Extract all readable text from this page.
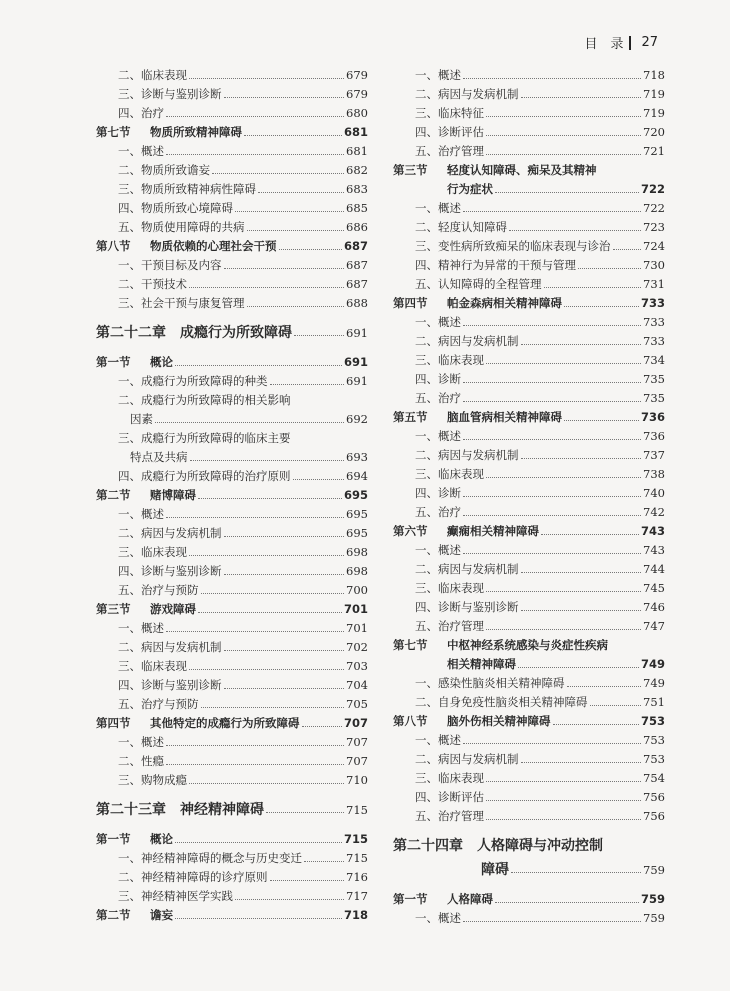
目　录 27
二、临床表现	679
三、诊断与鉴别诊断	679
四、治疗	680
第七节 物质所致精神障碍	681
一、概述	681
二、物质所致谵妄	682
三、物质所致精神病性障碍	683
四、物质所致心境障碍	685
五、物质使用障碍的共病	686
第八节 物质依赖的心理社会干预	687
一、干预目标及内容	687
二、干预技术	687
三、社会干预与康复管理	688
第二十二章 成瘾行为所致障碍	691
第一节 概论	691
一、成瘾行为所致障碍的种类	691
二、成瘾行为所致障碍的相关影响
因素	692
三、成瘾行为所致障碍的临床主要
特点及共病	693
四、成瘾行为所致障碍的治疗原则	694
第二节 赌博障碍	695
一、概述	695
二、病因与发病机制	695
三、临床表现	698
四、诊断与鉴别诊断	698
五、治疗与预防	700
第三节 游戏障碍	701
一、概述	701
二、病因与发病机制	702
三、临床表现	703
四、诊断与鉴别诊断	704
五、治疗与预防	705
第四节 其他特定的成瘾行为所致障碍	707
一、概述	707
二、性瘾	707
三、购物成瘾	710
第二十三章 神经精神障碍	715
第一节 概论	715
一、神经精神障碍的概念与历史变迁	715
二、神经精神障碍的诊疗原则	716
三、神经精神医学实践	717
第二节 谵妄	718
一、概述	718
二、病因与发病机制	719
三、临床特征	719
四、诊断评估	720
五、治疗管理	721
第三节 轻度认知障碍、痴呆及其精神
行为症状	722
一、概述	722
二、轻度认知障碍	723
三、变性病所致痴呆的临床表现与诊治	724
四、精神行为异常的干预与管理	730
五、认知障碍的全程管理	731
第四节 帕金森病相关精神障碍	733
一、概述	733
二、病因与发病机制	733
三、临床表现	734
四、诊断	735
五、治疗	735
第五节 脑血管病相关精神障碍	736
一、概述	736
二、病因与发病机制	737
三、临床表现	738
四、诊断	740
五、治疗	742
第六节 癫痫相关精神障碍	743
一、概述	743
二、病因与发病机制	744
三、临床表现	745
四、诊断与鉴别诊断	746
五、治疗管理	747
第七节 中枢神经系统感染与炎症性疾病
相关精神障碍	749
一、感染性脑炎相关精神障碍	749
二、自身免疫性脑炎相关精神障碍	751
第八节 脑外伤相关精神障碍	753
一、概述	753
二、病因与发病机制	753
三、临床表现	754
四、诊断评估	756
五、治疗管理	756
第二十四章 人格障碍与冲动控制
障碍	759
第一节 人格障碍	759
一、概述	759
